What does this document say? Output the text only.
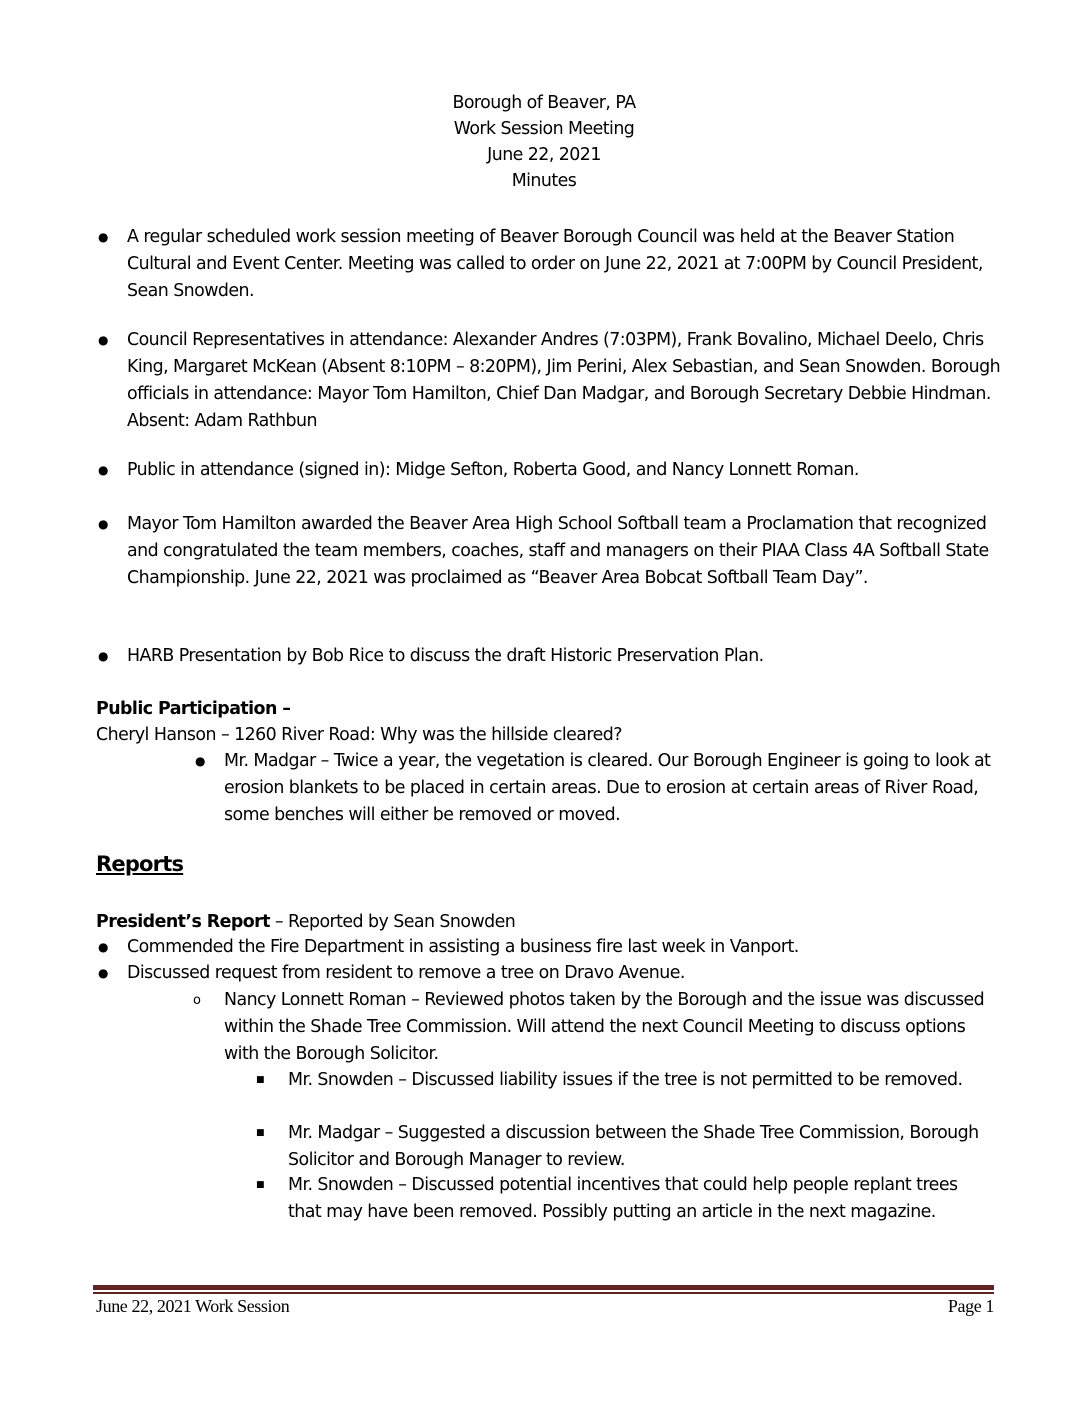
Borough of Beaver, PA
Work Session Meeting
June 22, 2021
Minutes
● A regular scheduled work session meeting of Beaver Borough Council was held at the Beaver Station Cultural and Event Center. Meeting was called to order on June 22, 2021 at 7:00PM by Council President, Sean Snowden.
● Council Representatives in attendance: Alexander Andres (7:03PM), Frank Bovalino, Michael Deelo, Chris King, Margaret McKean (Absent 8:10PM – 8:20PM), Jim Perini, Alex Sebastian, and Sean Snowden. Borough officials in attendance: Mayor Tom Hamilton, Chief Dan Madgar, and Borough Secretary Debbie Hindman. Absent: Adam Rathbun
● Public in attendance (signed in): Midge Sefton, Roberta Good, and Nancy Lonnett Roman.
● Mayor Tom Hamilton awarded the Beaver Area High School Softball team a Proclamation that recognized and congratulated the team members, coaches, staff and managers on their PIAA Class 4A Softball State Championship. June 22, 2021 was proclaimed as “Beaver Area Bobcat Softball Team Day”.
● HARB Presentation by Bob Rice to discuss the draft Historic Preservation Plan.
Public Participation –
Cheryl Hanson – 1260 River Road: Why was the hillside cleared?
● Mr. Madgar – Twice a year, the vegetation is cleared. Our Borough Engineer is going to look at erosion blankets to be placed in certain areas. Due to erosion at certain areas of River Road, some benches will either be removed or moved.
Reports
President’s Report – Reported by Sean Snowden
● Commended the Fire Department in assisting a business fire last week in Vanport.
● Discussed request from resident to remove a tree on Dravo Avenue.
o Nancy Lonnett Roman – Reviewed photos taken by the Borough and the issue was discussed within the Shade Tree Commission. Will attend the next Council Meeting to discuss options with the Borough Solicitor.
■ Mr. Snowden – Discussed liability issues if the tree is not permitted to be removed.
■ Mr. Madgar – Suggested a discussion between the Shade Tree Commission, Borough Solicitor and Borough Manager to review.
■ Mr. Snowden – Discussed potential incentives that could help people replant trees that may have been removed. Possibly putting an article in the next magazine.
June 22, 2021 Work Session	Page 1
